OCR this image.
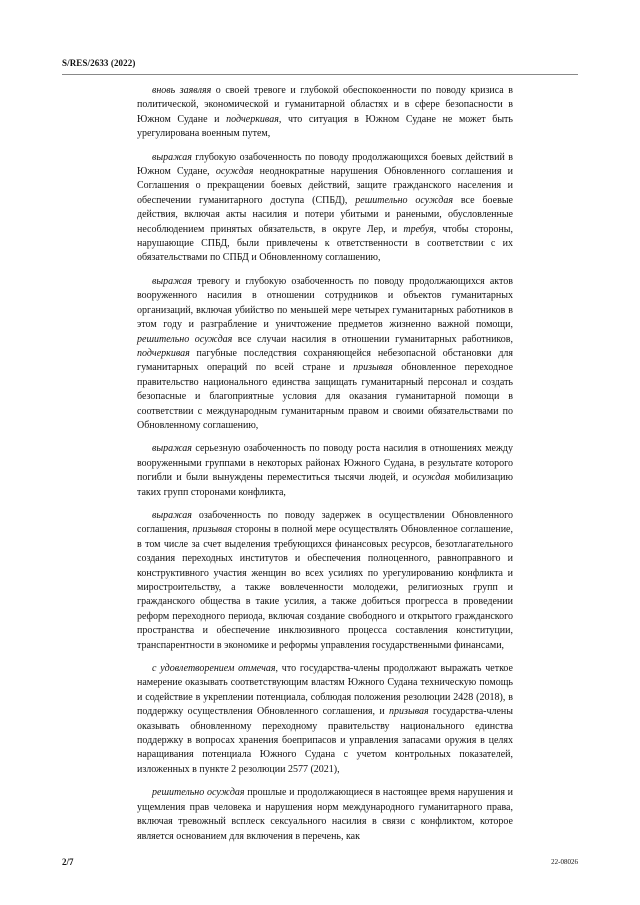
S/RES/2633 (2022)

вновь заявляя о своей тревоге и глубокой обеспокоенности по поводу кризиса в политической, экономической и гуманитарной областях и в сфере безопасности в Южном Судане и подчеркивая, что ситуация в Южном Судане не может быть урегулирована военным путем,

выражая глубокую озабоченность по поводу продолжающихся боевых действий в Южном Судане, осуждая неоднократные нарушения Обновленного соглашения и Соглашения о прекращении боевых действий, защите гражданского населения и обеспечении гуманитарного доступа (СПБД), решительно осуждая все боевые действия, включая акты насилия и потери убитыми и ранеными, обусловленные несоблюдением принятых обязательств, в округе Лер, и требуя, чтобы стороны, нарушающие СПБД, были привлечены к ответственности в соответствии с их обязательствами по СПБД и Обновленному соглашению,

выражая тревогу и глубокую озабоченность по поводу продолжающихся актов вооруженного насилия в отношении сотрудников и объектов гуманитарных организаций, включая убийство по меньшей мере четырех гуманитарных работников в этом году и разграбление и уничтожение предметов жизненно важной помощи, решительно осуждая все случаи насилия в отношении гуманитарных работников, подчеркивая пагубные последствия сохраняющейся небезопасной обстановки для гуманитарных операций по всей стране и призывая обновленное переходное правительство национального единства защищать гуманитарный персонал и создать безопасные и благоприятные условия для оказания гуманитарной помощи в соответствии с международным гуманитарным правом и своими обязательствами по Обновленному соглашению,

выражая серьезную озабоченность по поводу роста насилия в отношениях между вооруженными группами в некоторых районах Южного Судана, в результате которого погибли и были вынуждены переместиться тысячи людей, и осуждая мобилизацию таких групп сторонами конфликта,

выражая озабоченность по поводу задержек в осуществлении Обновленного соглашения, призывая стороны в полной мере осуществлять Обновленное соглашение, в том числе за счет выделения требующихся финансовых ресурсов, безотлагательного создания переходных институтов и обеспечения полноценного, равноправного и конструктивного участия женщин во всех усилиях по урегулированию конфликта и миростроительству, а также вовлеченности молодежи, религиозных групп и гражданского общества в такие усилия, а также добиться прогресса в проведении реформ переходного периода, включая создание свободного и открытого гражданского пространства и обеспечение инклюзивного процесса составления конституции, транспарентности в экономике и реформы управления государственными финансами,

с удовлетворением отмечая, что государства-члены продолжают выражать четкое намерение оказывать соответствующим властям Южного Судана техническую помощь и содействие в укреплении потенциала, соблюдая положения резолюции 2428 (2018), в поддержку осуществления Обновленного соглашения, и призывая государства-члены оказывать обновленному переходному правительству национального единства поддержку в вопросах хранения боеприпасов и управления запасами оружия в целях наращивания потенциала Южного Судана с учетом контрольных показателей, изложенных в пункте 2 резолюции 2577 (2021),

решительно осуждая прошлые и продолжающиеся в настоящее время нарушения и ущемления прав человека и нарушения норм международного гуманитарного права, включая тревожный всплеск сексуального насилия в связи с конфликтом, которое является основанием для включения в перечень, как

2/7	22-08026
